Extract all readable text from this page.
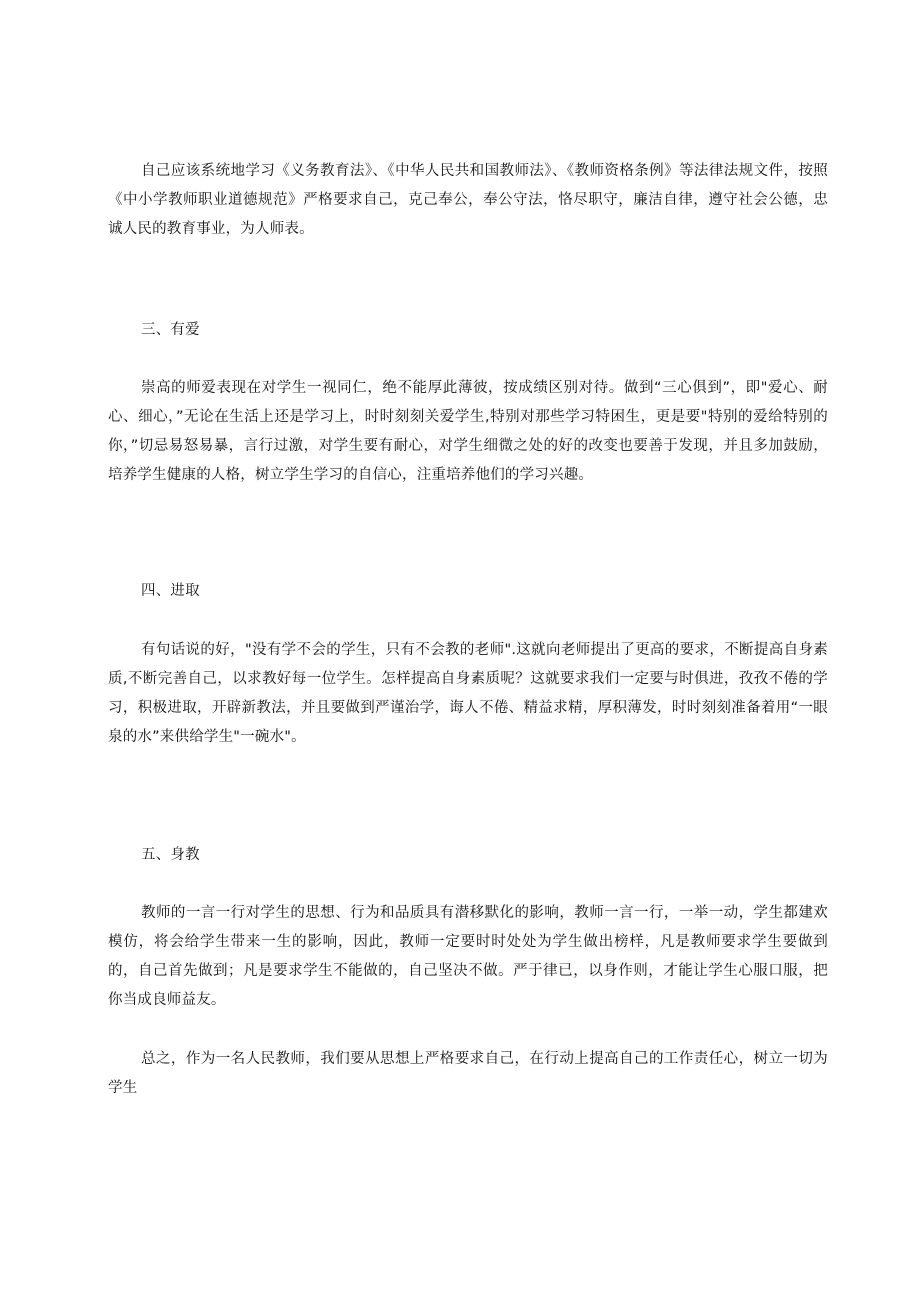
自己应该系统地学习《义务教育法》、《中华人民共和国教师法》、《教师资格条例》等法律法规文件，按照《中小学教师职业道德规范》严格要求自己，克己奉公，奉公守法，恪尽职守，廉洁自律，遵守社会公德，忠诚人民的教育事业，为人师表。

三、有爱

崇高的师爱表现在对学生一视同仁，绝不能厚此薄彼，按成绩区别对待。做到“三心俱到”，即"爱心、耐心、细心，”无论在生活上还是学习上，时时刻刻关爱学生,特别对那些学习特困生，更是要"特别的爱给特别的你，”切忌易怒易暴，言行过激，对学生要有耐心，对学生细微之处的好的改变也要善于发现，并且多加鼓励，培养学生健康的人格，树立学生学习的自信心，注重培养他们的学习兴趣。

四、进取

有句话说的好，"没有学不会的学生，只有不会教的老师".这就向老师提出了更高的要求，不断提高自身素质,不断完善自己，以求教好每一位学生。怎样提高自身素质呢？这就要求我们一定要与时俱进，孜孜不倦的学习，积极进取，开辟新教法，并且要做到严谨治学，诲人不倦、精益求精，厚积薄发，时时刻刻准备着用“一眼泉的水”来供给学生"一碗水"。

五、身教

教师的一言一行对学生的思想、行为和品质具有潜移默化的影响，教师一言一行，一举一动，学生都建欢模仿，将会给学生带来一生的影响，因此，教师一定要时时处处为学生做出榜样，凡是教师要求学生要做到的，自己首先做到；凡是要求学生不能做的，自己坚决不做。严于律已，以身作则，才能让学生心服口服，把你当成良师益友。

总之，作为一名人民教师，我们要从思想上严格要求自己，在行动上提高自己的工作责任心，树立一切为学生
